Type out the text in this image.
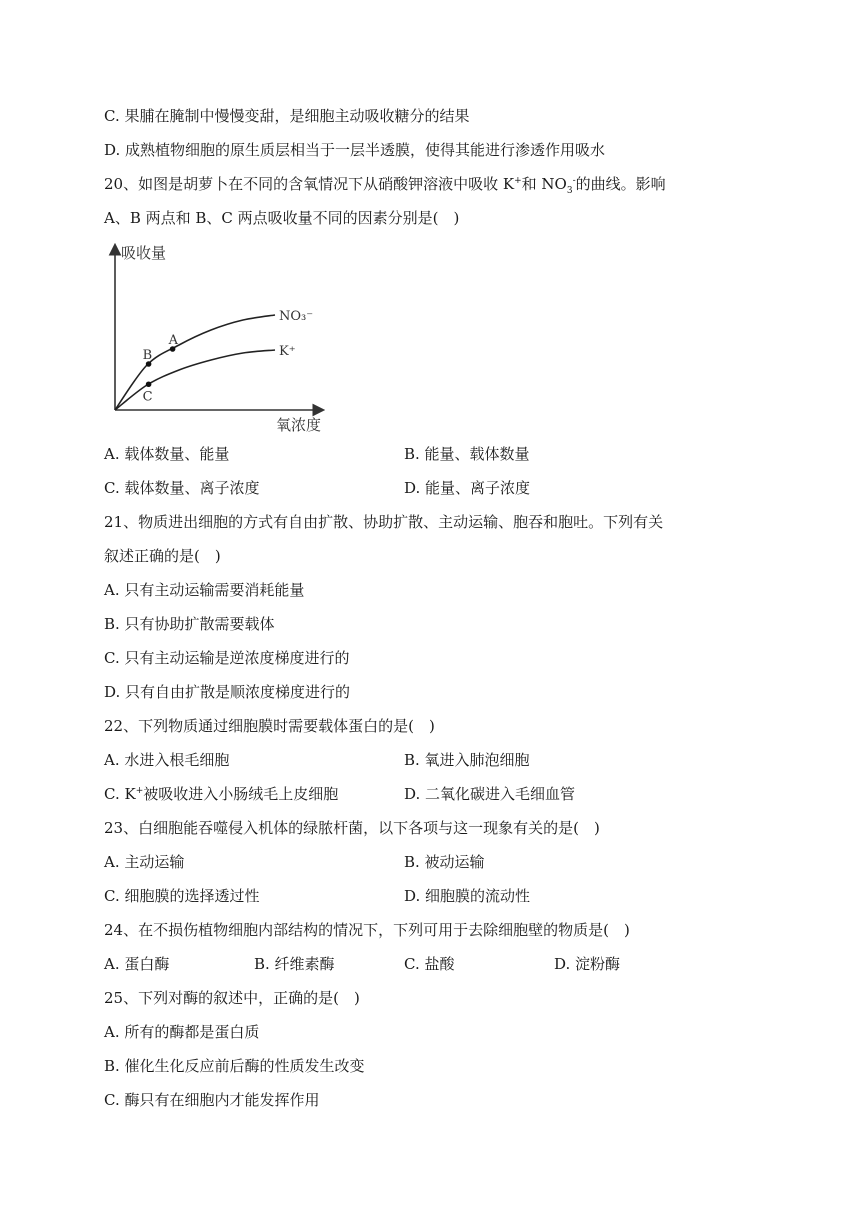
C. 果脯在腌制中慢慢变甜，是细胞主动吸收糖分的结果
D. 成熟植物细胞的原生质层相当于一层半透膜，使得其能进行渗透作用吸水
20、如图是胡萝卜在不同的含氧情况下从硝酸钾溶液中吸收 K+和 $NO_3^-$的曲线。影响
A、B 两点和 B、C 两点吸收量不同的因素分别是(　)
吸收量
氧浓度
NO₃⁻
K⁺
A
B
C
A. 载体数量、能量	B. 能量、载体数量
C. 载体数量、离子浓度	D. 能量、离子浓度
21、物质进出细胞的方式有自由扩散、协助扩散、主动运输、胞吞和胞吐。下列有关
叙述正确的是(　)
A. 只有主动运输需要消耗能量
B. 只有协助扩散需要载体
C. 只有主动运输是逆浓度梯度进行的
D. 只有自由扩散是顺浓度梯度进行的
22、下列物质通过细胞膜时需要载体蛋白的是(　)
A. 水进入根毛细胞	B. 氧进入肺泡细胞
C. K+被吸收进入小肠绒毛上皮细胞	D. 二氧化碳进入毛细血管
23、白细胞能吞噬侵入机体的绿脓杆菌，以下各项与这一现象有关的是(　)
A. 主动运输	B. 被动运输
C. 细胞膜的选择透过性	D. 细胞膜的流动性
24、在不损伤植物细胞内部结构的情况下，下列可用于去除细胞壁的物质是(　)
A. 蛋白酶	B. 纤维素酶	C. 盐酸	D. 淀粉酶
25、下列对酶的叙述中，正确的是(　)
A. 所有的酶都是蛋白质
B. 催化生化反应前后酶的性质发生改变
C. 酶只有在细胞内才能发挥作用
